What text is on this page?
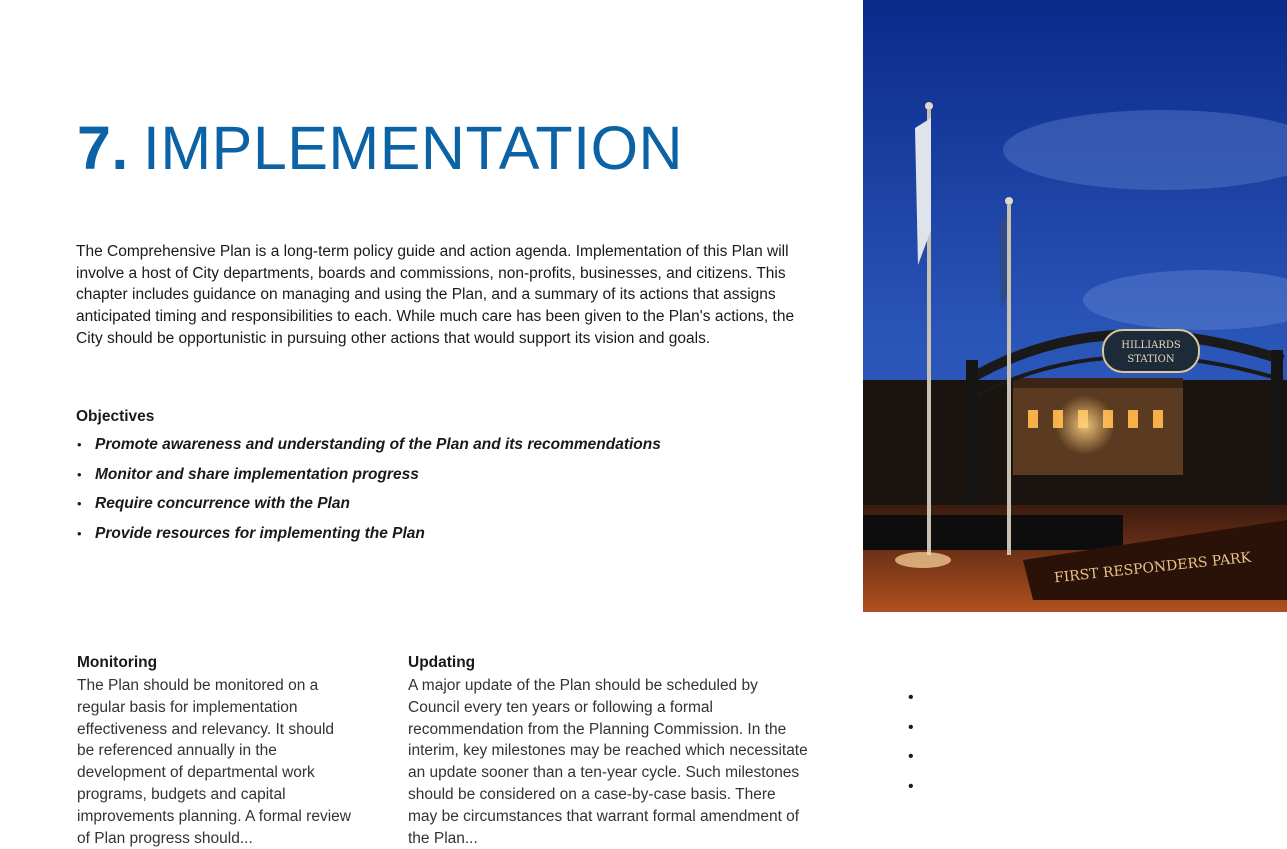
7. IMPLEMENTATION

The Comprehensive Plan is a long-term policy guide and action agenda. Implementation of this Plan will involve a host of City departments, boards and commissions, non-profits, businesses, and citizens. This chapter includes guidance on managing and using the Plan, and a summary of its actions that assigns anticipated timing and responsibilities to each. While much care has been given to the Plan's actions, the City should be opportunistic in pursuing other actions that would support its vision and goals.

Objectives
• Promote awareness and understanding of the Plan and its recommendations
• Monitor and share implementation progress
• Require concurrence with the Plan
• Provide resources for implementing the Plan
Monitoring

The Plan should be monitored on a regular basis for implementation effectiveness and relevancy. It should be referenced annually in the development of departmental work programs, budgets and capital improvements planning. A formal review of Plan progress should...

Updating

A major update of the Plan should be scheduled by Council every ten years or following a formal recommendation from the Planning Commission. In the interim, key milestones may be reached which necessitate an update sooner than a ten-year cycle. Such milestones should be considered on a case-by-case basis. There may be circumstances that warrant formal amendment of the Plan...

HILLIARDS
STATION
FIRST RESPONDERS PARK
•
•
•
•
